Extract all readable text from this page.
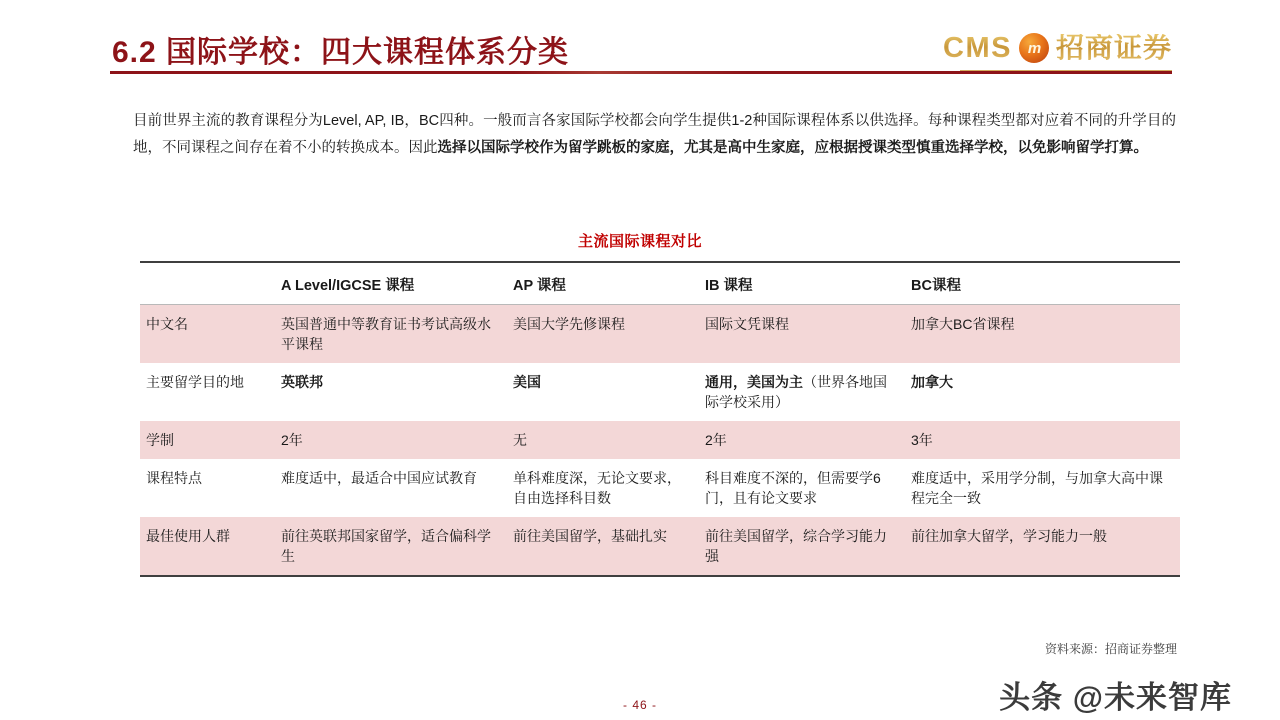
6.2 国际学校：四大课程体系分类	CMS	m 招商证券
目前世界主流的教育课程分为Level, AP, IB，BC四种。一般而言各家国际学校都会向学生提供1-2种国际课程体系以供选择。每种课程类型都对应着不同的升学目的地，不同课程之间存在着不小的转换成本。因此选择以国际学校作为留学跳板的家庭，尤其是高中生家庭，应根据授课类型慎重选择学校，以免影响留学打算。
主流国际课程对比
	A Level/IGCSE 课程	AP 课程	IB 课程	BC课程
中文名	英国普通中等教育证书考试高级水平课程	美国大学先修课程	国际文凭课程	加拿大BC省课程
主要留学目的地	英联邦	美国	通用，美国为主（世界各地国际学校采用）	加拿大
学制	2年	无	2年	3年
课程特点	难度适中，最适合中国应试教育	单科难度深，无论文要求，自由选择科目数	科目难度不深的，但需要学6门，且有论文要求	难度适中，采用学分制，与加拿大高中课程完全一致
最佳使用人群	前往英联邦国家留学，适合偏科学生	前往美国留学，基础扎实	前往美国留学，综合学习能力强	前往加拿大留学，学习能力一般
资料来源：招商证券整理
头条 @未来智库
- 46 -
